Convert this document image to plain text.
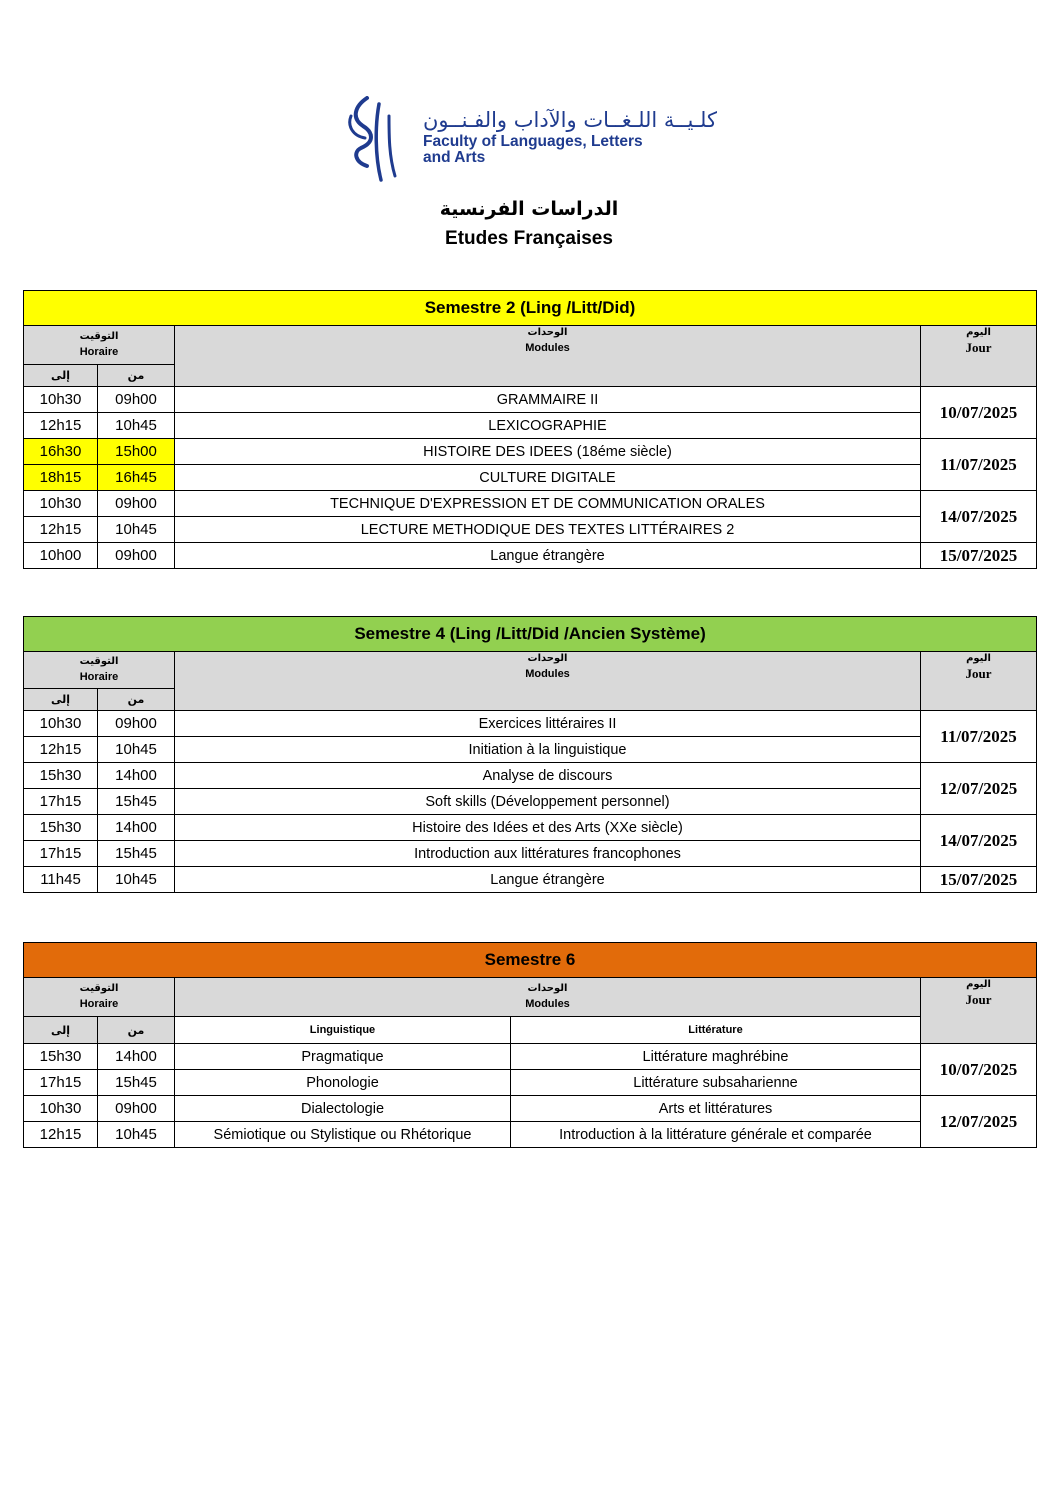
كلـيــة اللـغــات والآداب والفـنــون
Faculty of Languages, Letters
and Arts
الدراسات الفرنسية
Etudes Françaises
Semestre 2 (Ling /Litt/Did)			

التوقيت
Horaire		الوحدات
Modules	اليوم
Jour

إلى	من		
10h30	09h00	GRAMMAIRE II	10/07/2025
12h15	10h45	LEXICOGRAPHIE	
16h30	15h00	HISTOIRE DES IDEES (18éme siècle)	11/07/2025
18h15	16h45	CULTURE DIGITALE	
10h30	09h00	TECHNIQUE D'EXPRESSION ET DE COMMUNICATION ORALES	14/07/2025
12h15	10h45	LECTURE METHODIQUE DES TEXTES LITTÉRAIRES 2	
10h00	09h00	Langue étrangère	15/07/2025
Semestre 4 (Ling /Litt/Did /Ancien Système)			

التوقيت
Horaire		الوحدات
Modules	اليوم
Jour

إلى	من		
10h30	09h00	Exercices littéraires II	11/07/2025
12h15	10h45	Initiation à la linguistique	
15h30	14h00	Analyse de discours	12/07/2025
17h15	15h45	Soft skills (Développement personnel)	
15h30	14h00	Histoire des Idées et des Arts (XXe siècle)	14/07/2025
17h15	15h45	Introduction aux littératures francophones	
11h45	10h45	Langue étrangère	15/07/2025
Semestre 6				

التوقيت
Horaire		الوحدات
Modules		اليوم
Jour

إلى	من	Linguistique	Littérature	
15h30	14h00	Pragmatique	Littérature maghrébine	10/07/2025
17h15	15h45	Phonologie	Littérature subsaharienne	
10h30	09h00	Dialectologie	Arts et littératures	12/07/2025
12h15	10h45	Sémiotique ou Stylistique ou Rhétorique	Introduction à la littérature générale et comparée	
